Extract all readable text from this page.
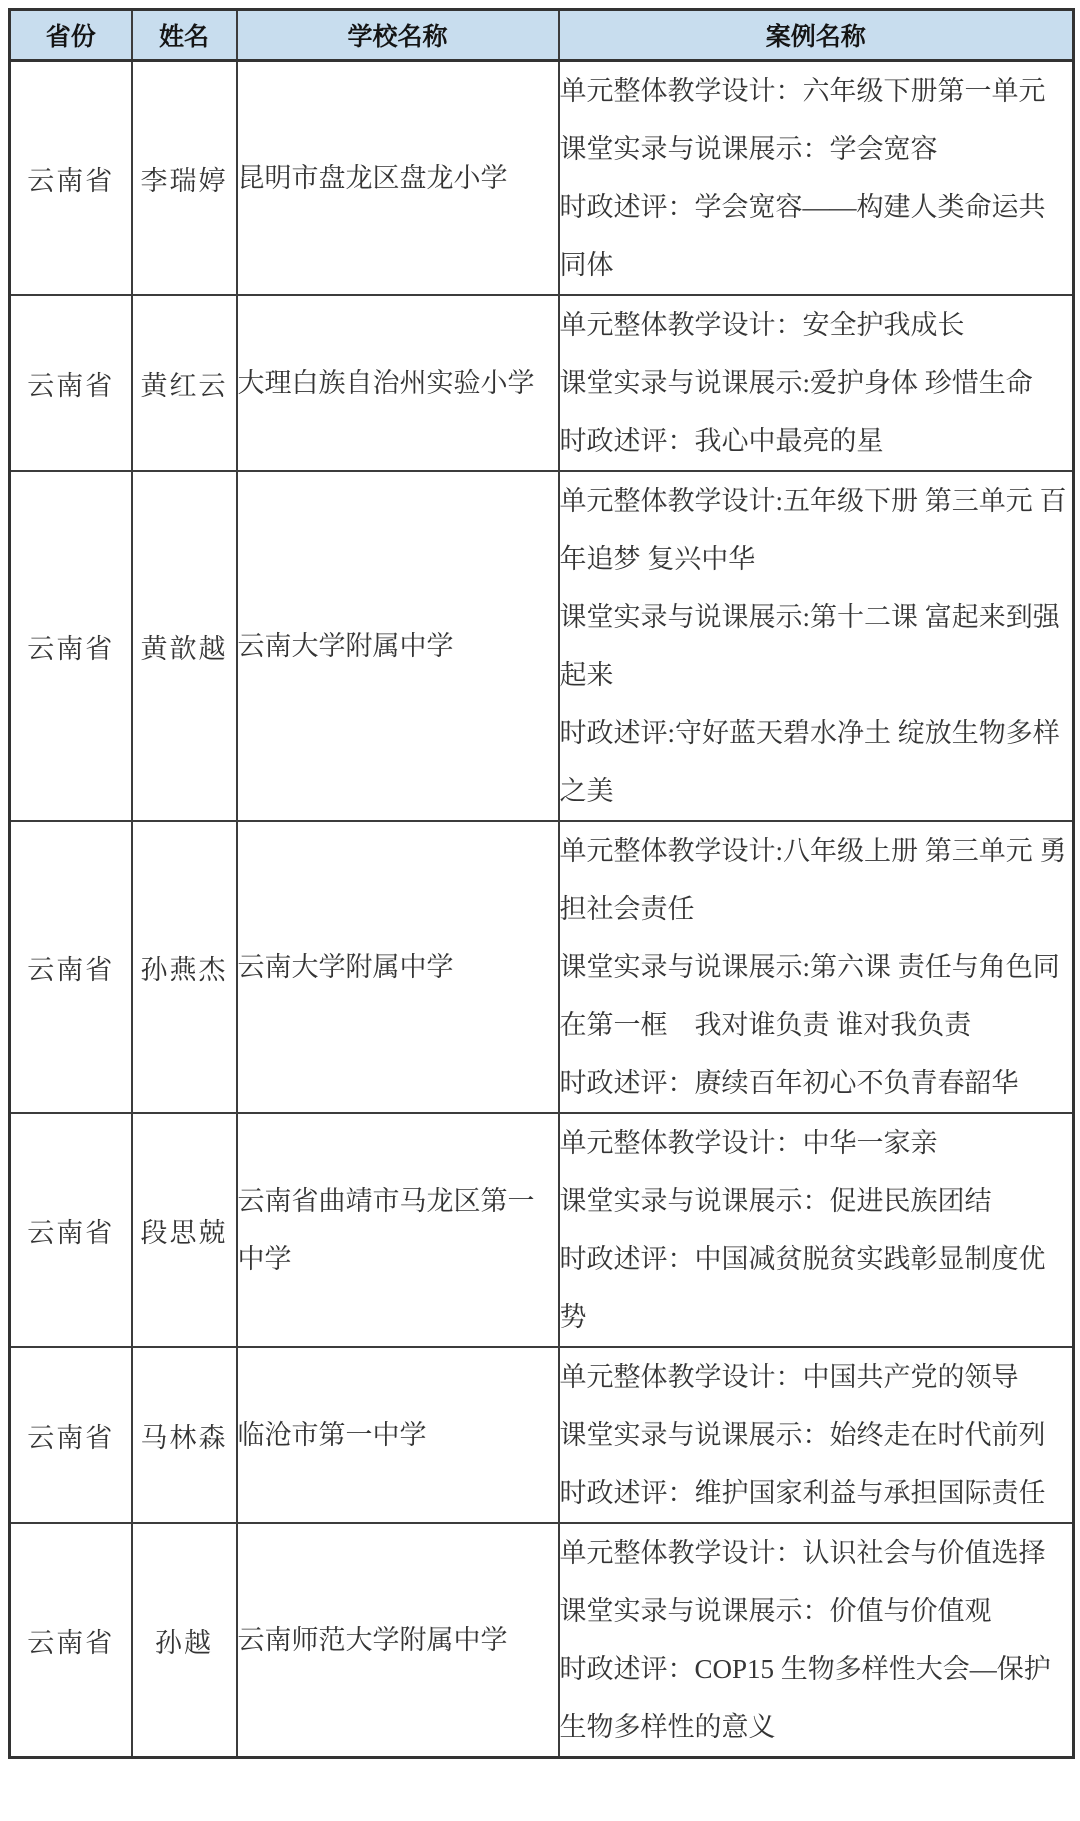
省份	姓名	学校名称	案例名称
云南省	李瑞婷	昆明市盘龙区盘龙小学	单元整体教学设计：六年级下册第一单元

课堂实录与说课展示：学会宽容

时政述评：学会宽容——构建人类命运共同体

云南省	黄红云	大理白族自治州实验小学	单元整体教学设计：安全护我成长

课堂实录与说课展示:爱护身体 珍惜生命

时政述评：我心中最亮的星

云南省	黄歆越	云南大学附属中学	单元整体教学设计:五年级下册 第三单元 百年追梦 复兴中华

课堂实录与说课展示:第十二课 富起来到强起来

时政述评:守好蓝天碧水净土 绽放生物多样之美

云南省	孙燕杰	云南大学附属中学	单元整体教学设计:八年级上册 第三单元 勇担社会责任

课堂实录与说课展示:第六课 责任与角色同在第一框　我对谁负责 谁对我负责

时政述评：赓续百年初心不负青春韶华

云南省	段思兢	云南省曲靖市马龙区第一中学	单元整体教学设计：中华一家亲

课堂实录与说课展示：促进民族团结

时政述评：中国减贫脱贫实践彰显制度优势

云南省	马林森	临沧市第一中学	单元整体教学设计：中国共产党的领导

课堂实录与说课展示：始终走在时代前列

时政述评：维护国家利益与承担国际责任

云南省	孙越	云南师范大学附属中学	单元整体教学设计：认识社会与价值选择

课堂实录与说课展示：价值与价值观

时政述评：COP15 生物多样性大会—保护生物多样性的意义
